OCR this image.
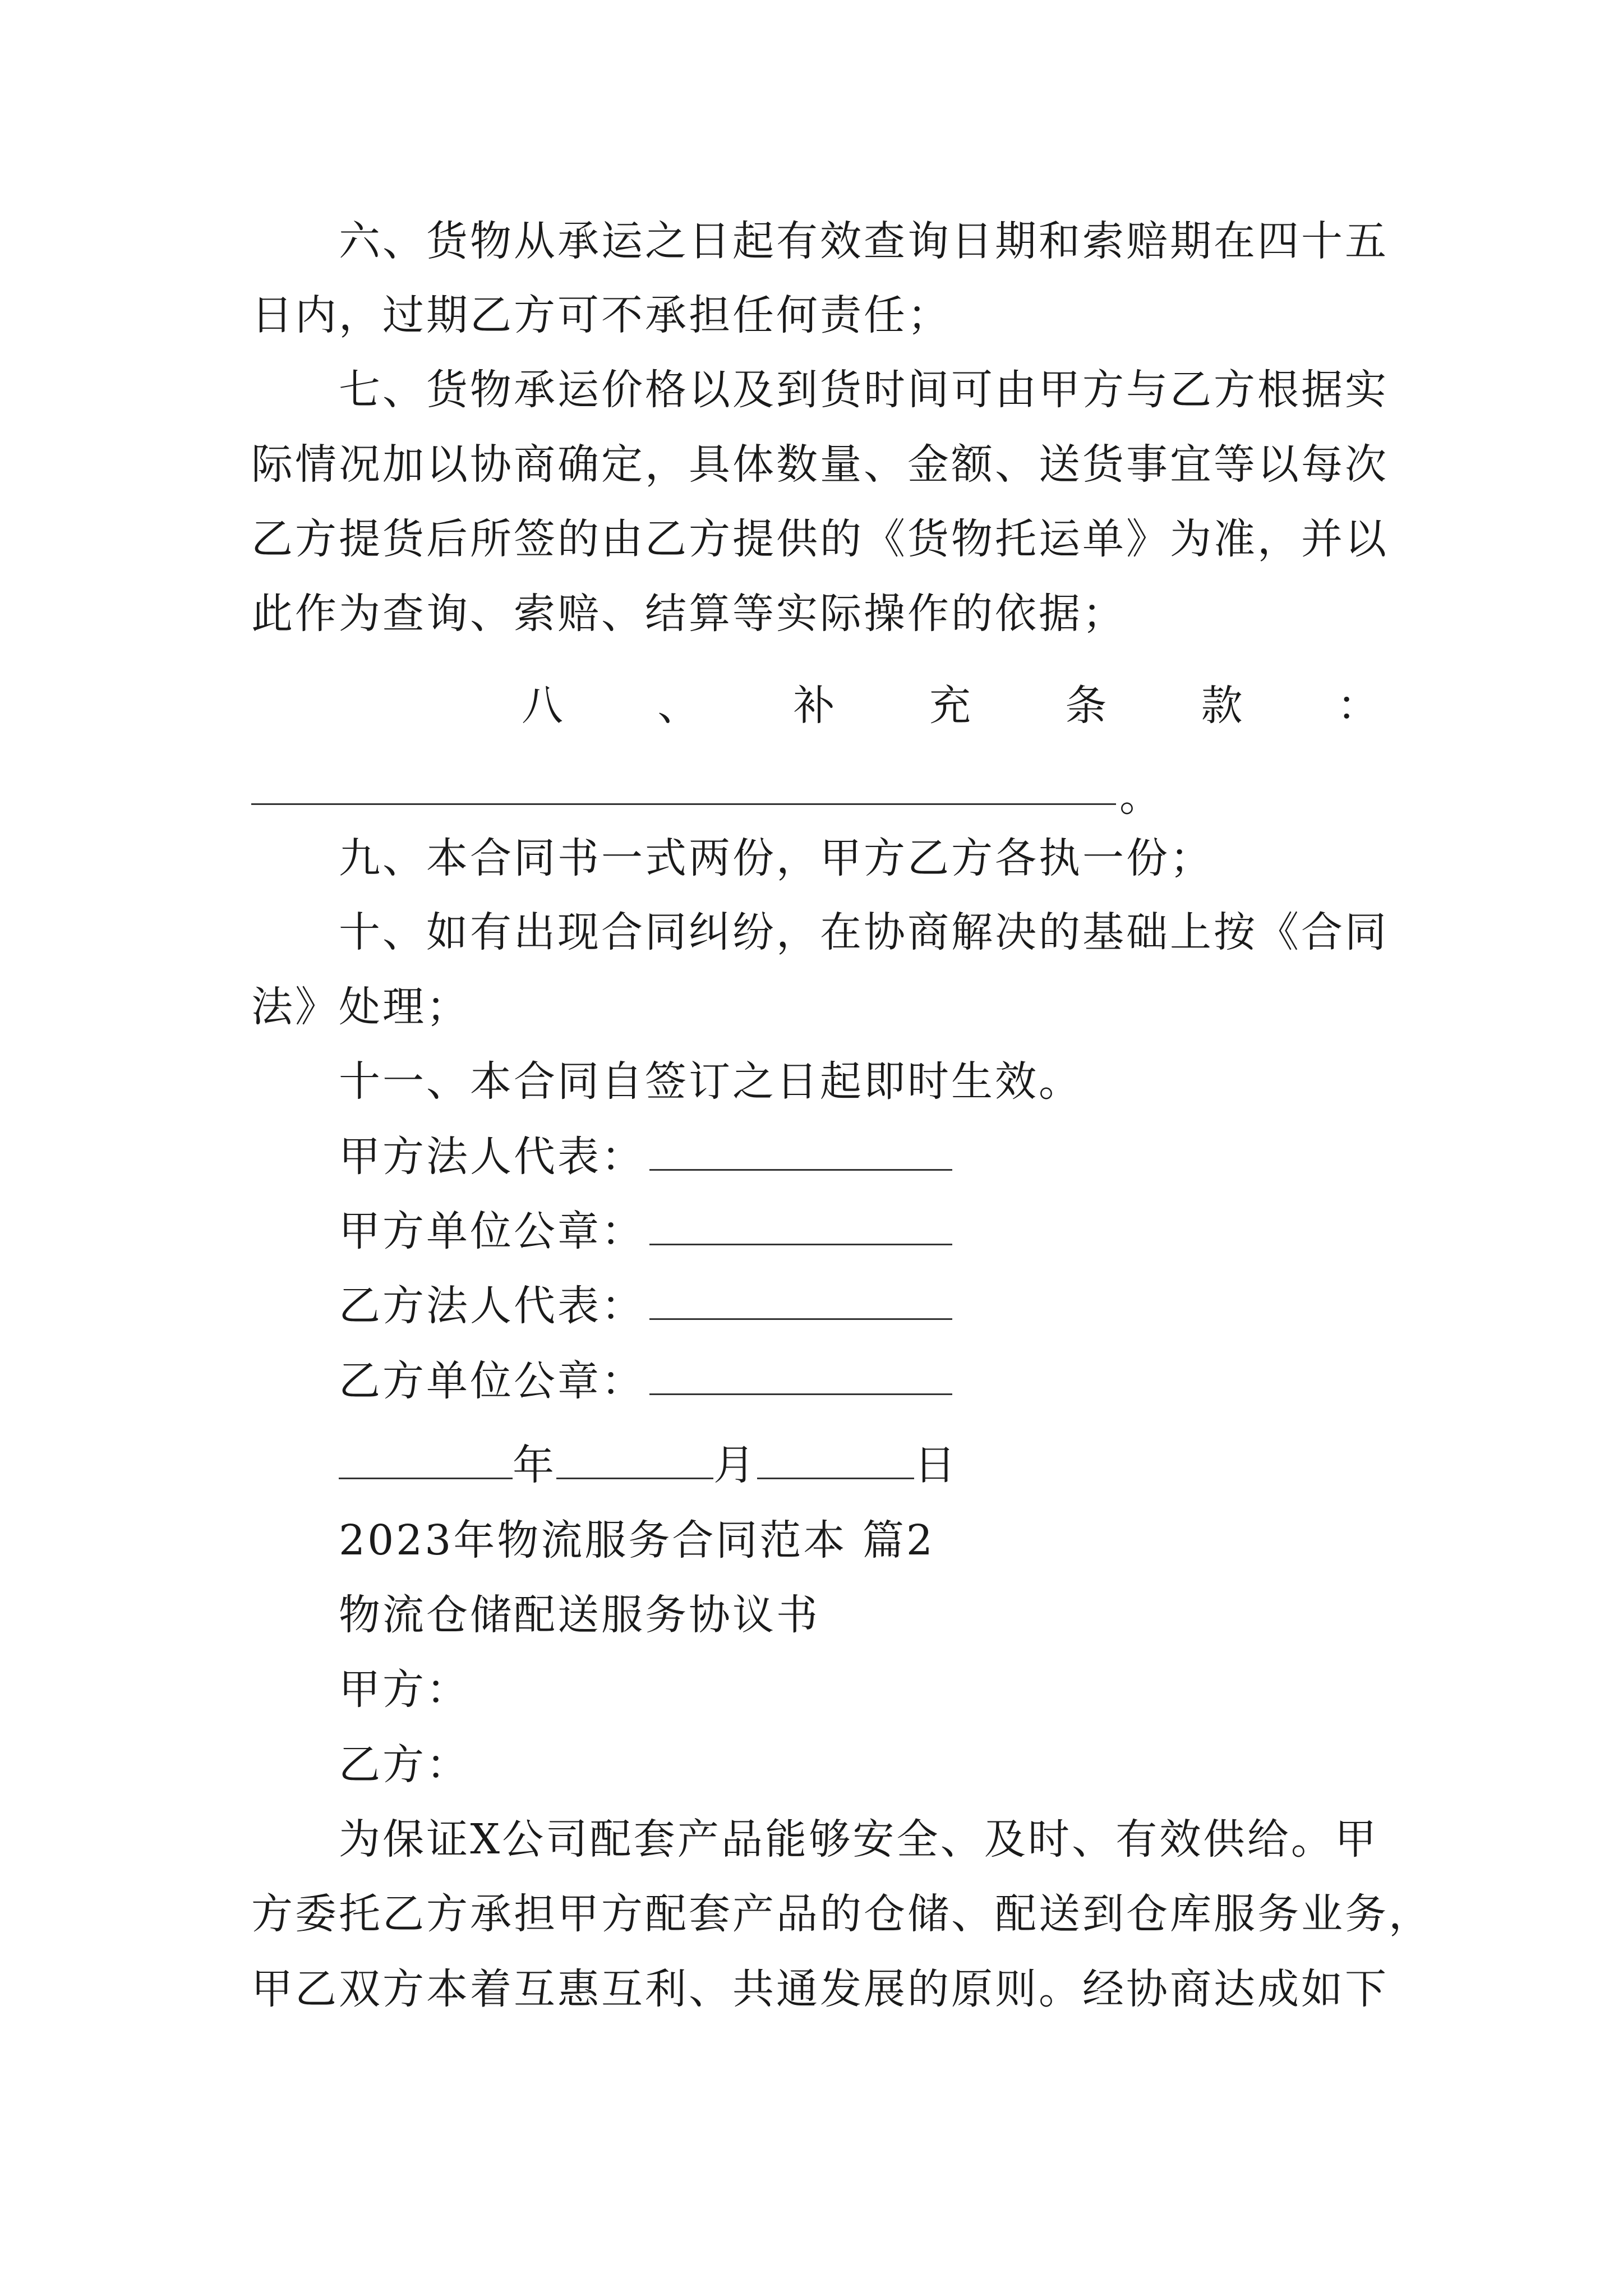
六、货物从承运之日起有效查询日期和索赔期在四十五
日内，过期乙方可不承担任何责任；
七、货物承运价格以及到货时间可由甲方与乙方根据实
际情况加以协商确定，具体数量、金额、送货事宜等以每次
乙方提货后所签的由乙方提供的《货物托运单》为准，并以
此作为查询、索赔、结算等实际操作的依据；
八 、 补 充 条 款 ：
。
九、本合同书一式两份，甲方乙方各执一份；
十、如有出现合同纠纷，在协商解决的基础上按《合同
法》处理；
十一、本合同自签订之日起即时生效。
甲方法人代表：
甲方单位公章：
乙方法人代表：
乙方单位公章：
年	月	日
2023年物流服务合同范本 篇2
物流仓储配送服务协议书
甲方：
乙方：
为保证X公司配套产品能够安全、及时、有效供给。甲
方委托乙方承担甲方配套产品的仓储、配送到仓库服务业务，
甲乙双方本着互惠互利、共通发展的原则。经协商达成如下
